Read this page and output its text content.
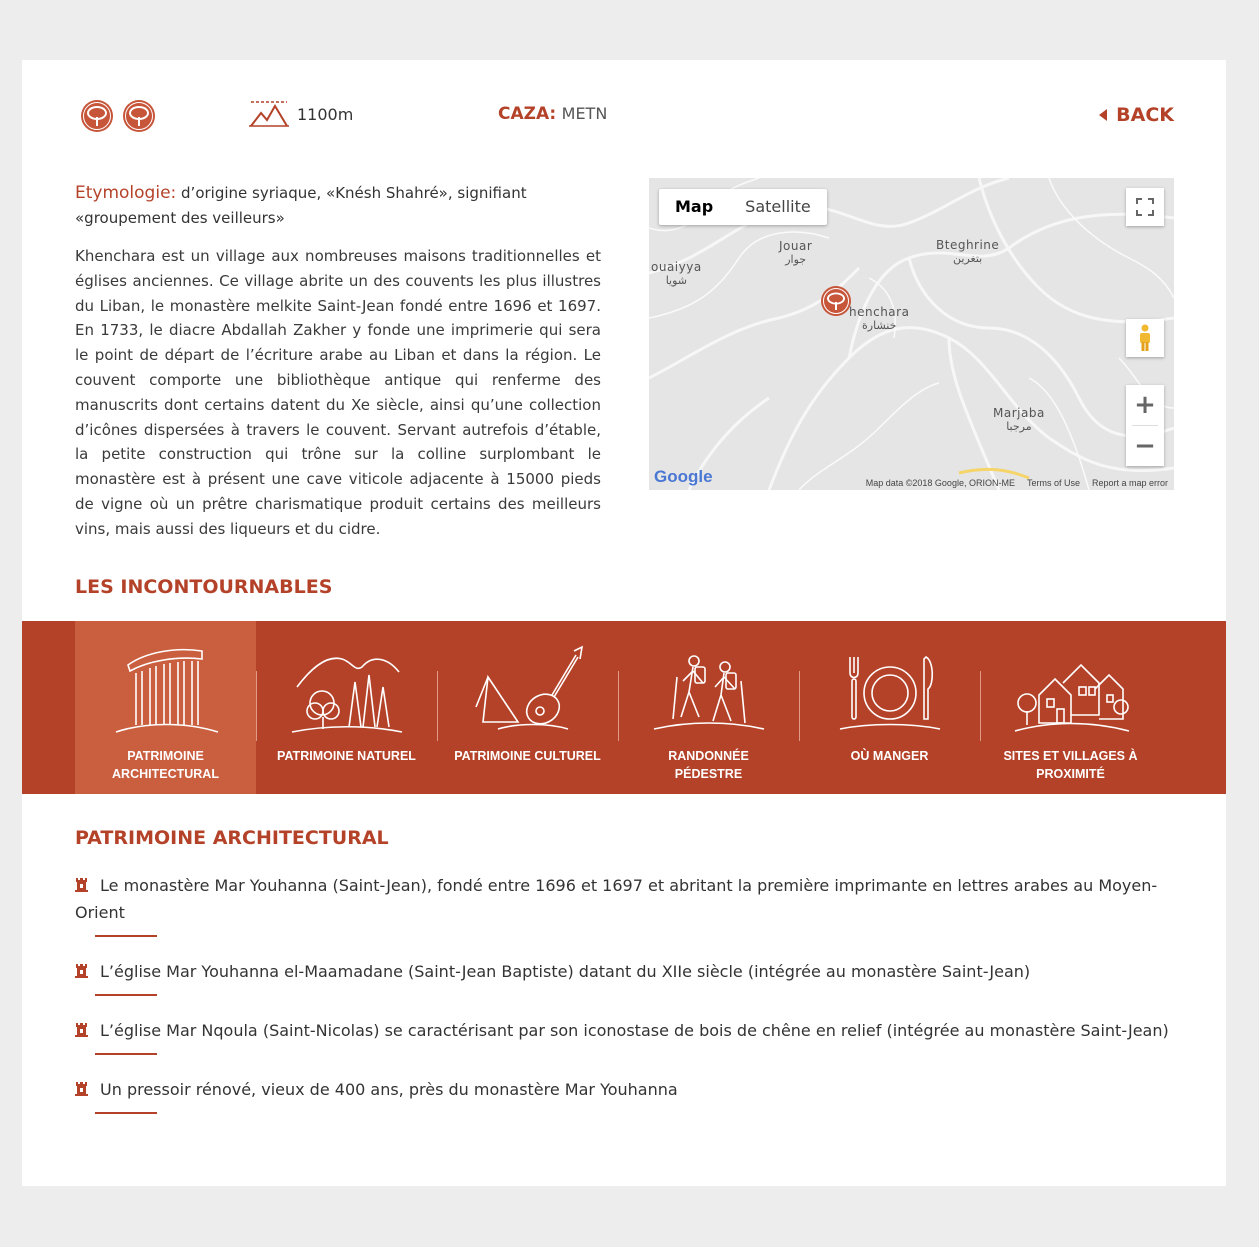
1100m	CAZA: METN	BACK
Etymologie: d’origine syriaque, «Knésh Shahré», signifiant «groupement des veilleurs»

Khenchara est un village aux nombreuses maisons traditionnelles et églises anciennes. Ce village abrite un des couvents les plus illustres du Liban, le monastère melkite Saint-Jean fondé entre 1696 et 1697. En 1733, le diacre Abdallah Zakher y fonde une imprimerie qui sera le point de départ de l’écriture arabe au Liban et dans la région. Le couvent comporte une bibliothèque antique qui renferme des manuscrits dont certains datent du Xe siècle, ainsi qu’une collection d’icônes dispersées à travers le couvent. Servant autrefois d’étable, la petite construction qui trône sur la colline surplombant le monastère est à présent une cave viticole adjacente à 15000 pieds de vigne où un prêtre charismatique produit certains des meilleurs vins, mais aussi des liqueurs et du cidre.

Map	Satellite
+
−
Jouar
جوار
Bteghrine
بتغرين
ouaiyya
شويا
henchara
خنشارة
Marjaba
مرجبا
Google	Map data ©2018 Google, ORION-ME Terms of Use Report a map error
LES INCONTOURNABLES
PATRIMOINE ARCHITECTURAL
PATRIMOINE NATUREL	PATRIMOINE CULTUREL	RANDONNÉE PÉDESTRE
OÙ MANGER	SITES ET VILLAGES À PROXIMITÉ
PATRIMOINE ARCHITECTURAL
Le monastère Mar Youhanna (Saint-Jean), fondé entre 1696 et 1697 et abritant la première imprimante en lettres arabes au Moyen-Orient
L’église Mar Youhanna el-Maamadane (Saint-Jean Baptiste) datant du XIIe siècle (intégrée au monastère Saint-Jean)
L’église Mar Nqoula (Saint-Nicolas) se caractérisant par son iconostase de bois de chêne en relief (intégrée au monastère Saint-Jean)
Un pressoir rénové, vieux de 400 ans, près du monastère Mar Youhanna
